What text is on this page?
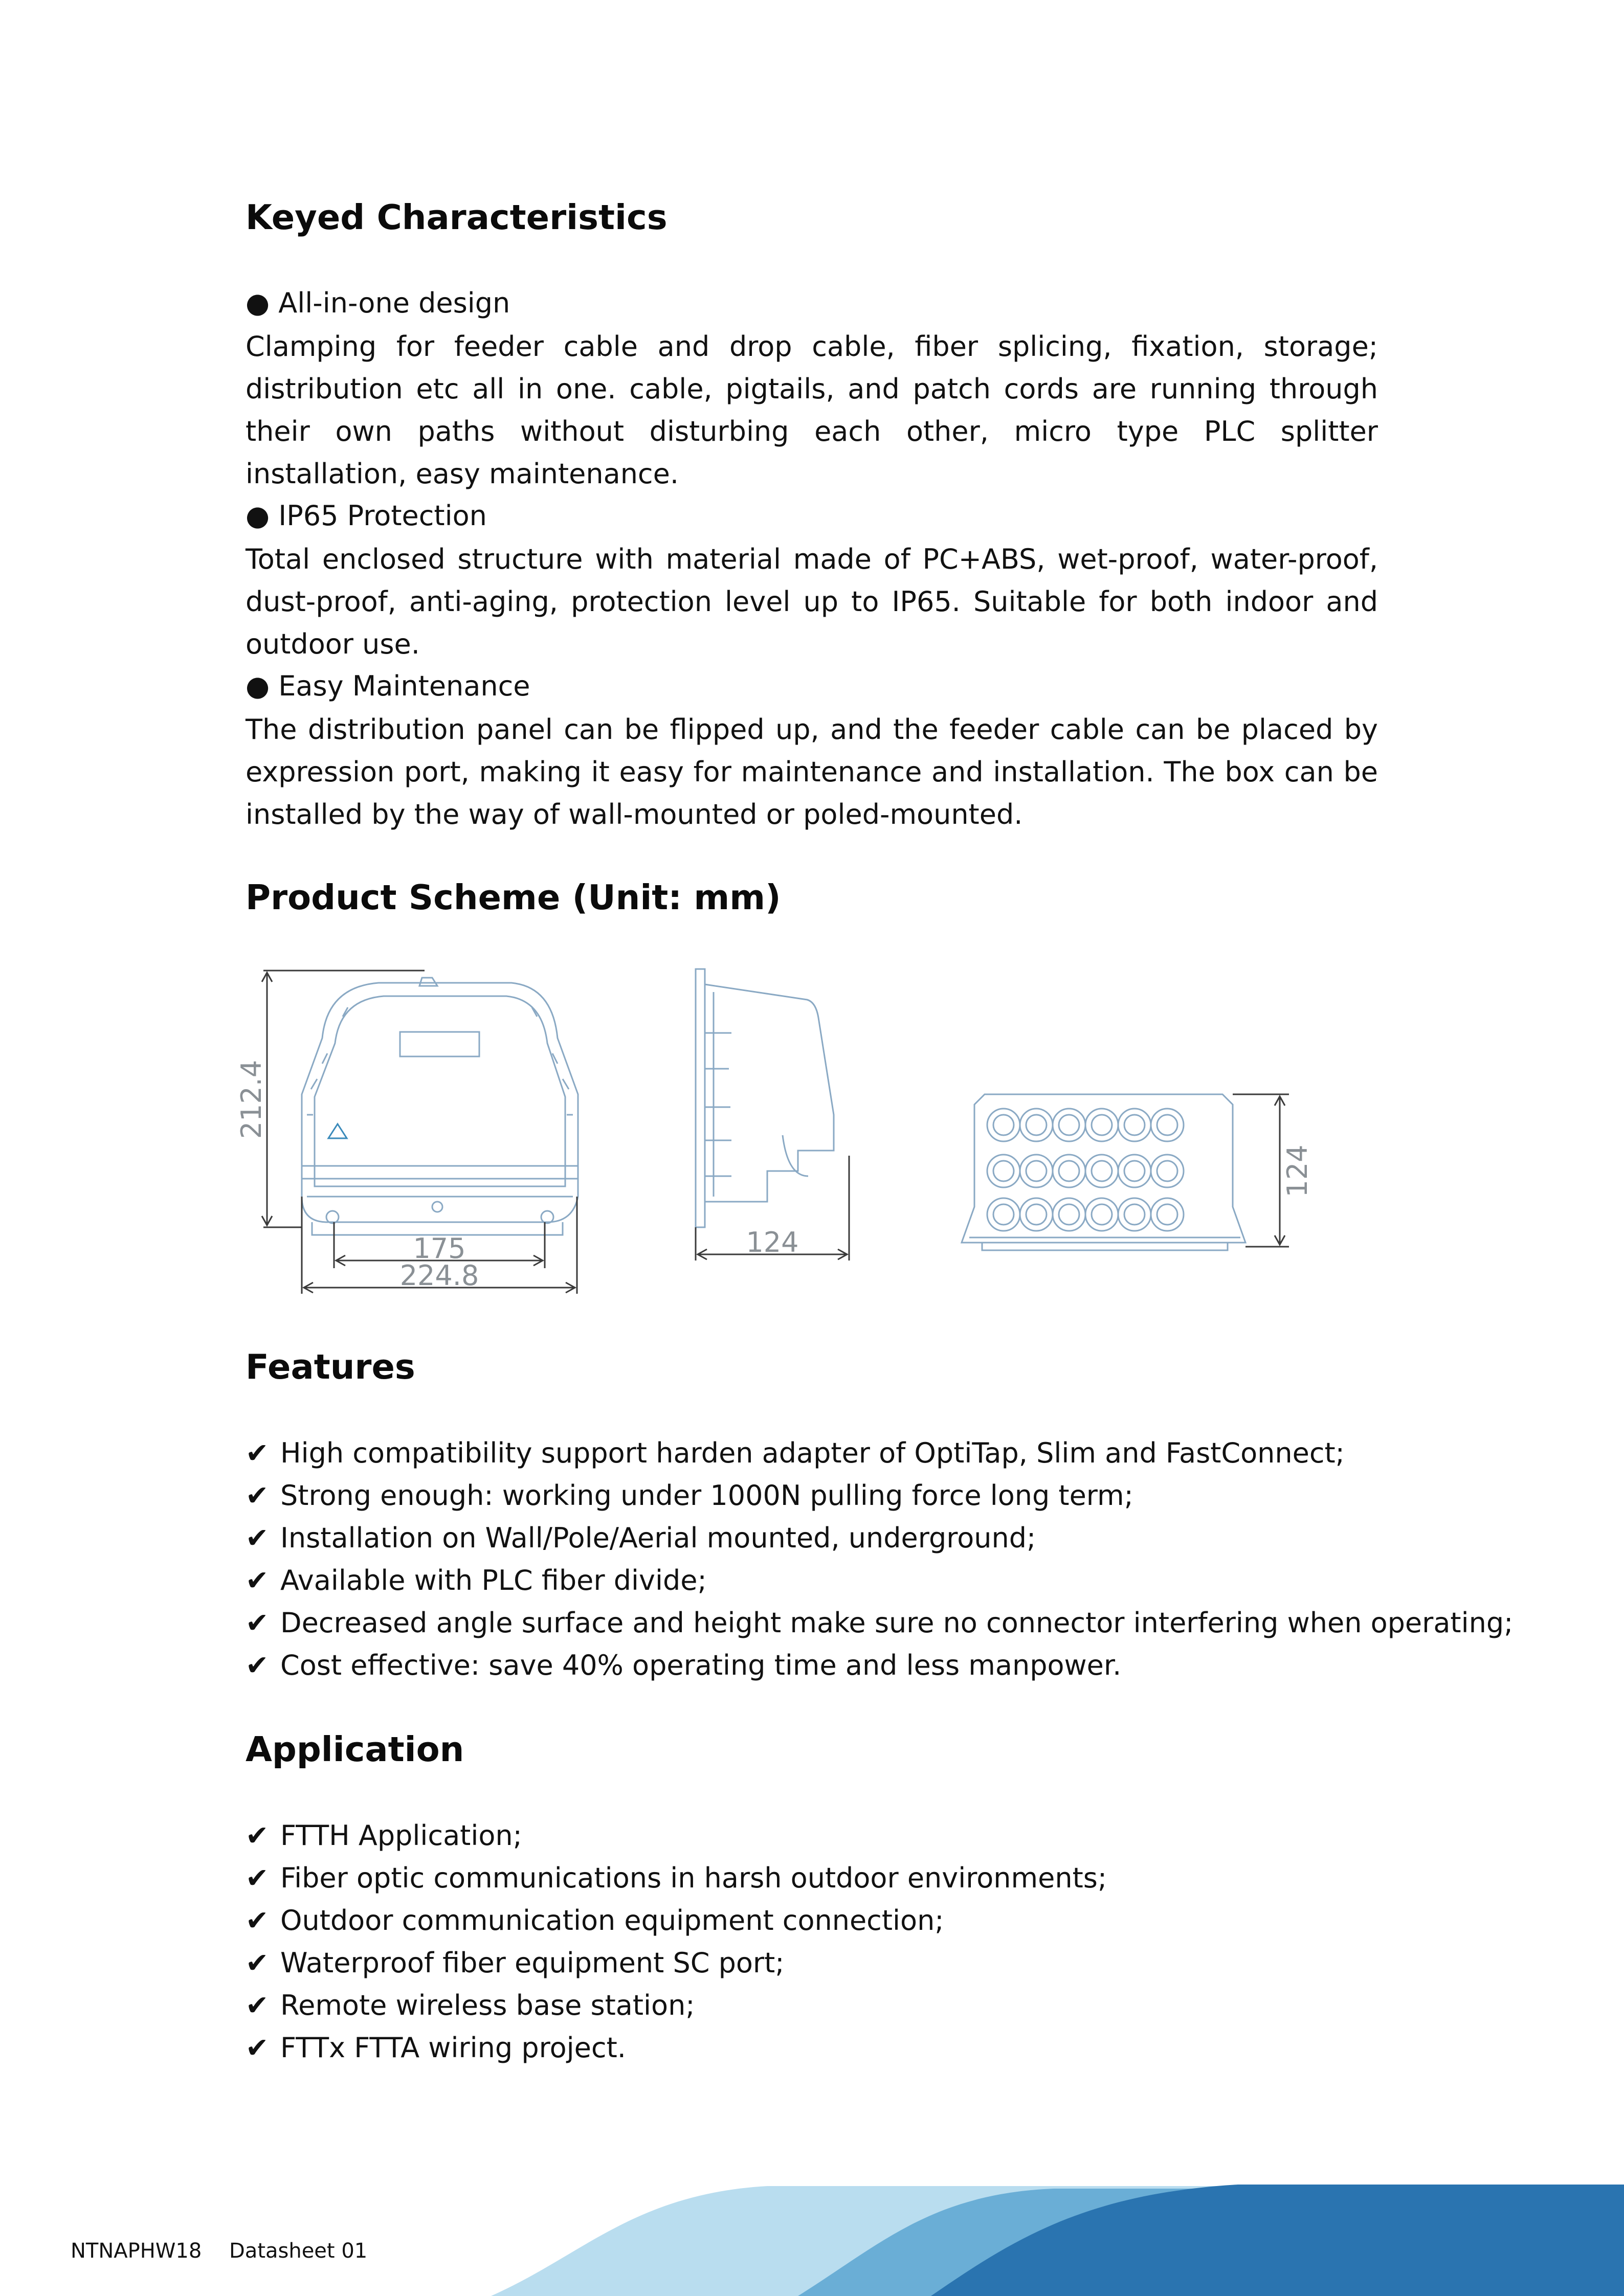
Keyed Characteristics
● All-in-one design

Clamping for feeder cable and drop cable, fiber splicing, fixation, storage; distribution etc all in one. cable, pigtails, and patch cords are running through their own paths without disturbing each other, micro type PLC splitter installation, easy maintenance.

● IP65 Protection

Total enclosed structure with material made of PC+ABS, wet-proof, water-proof, dust-proof, anti-aging, protection level up to IP65. Suitable for both indoor and outdoor use.

● Easy Maintenance

The distribution panel can be flipped up, and the feeder cable can be placed by expression port, making it easy for maintenance and installation. The box can be installed by the way of wall-mounted or poled-mounted.

Product Scheme (Unit: mm)
212.4
175
224.8
124
124
Features
✔ High compatibility support harden adapter of OptiTap, Slim and FastConnect;
✔ Strong enough: working under 1000N pulling force long term;
✔ Installation on Wall/Pole/Aerial mounted, underground;
✔ Available with PLC fiber divide;
✔ Decreased angle surface and height make sure no connector interfering when operating;
✔ Cost effective: save 40% operating time and less manpower.
Application
✔ FTTH Application;
✔ Fiber optic communications in harsh outdoor environments;
✔ Outdoor communication equipment connection;
✔ Waterproof fiber equipment SC port;
✔ Remote wireless base station;
✔ FTTx FTTA wiring project.
NTNAPHW18 Datasheet 01
